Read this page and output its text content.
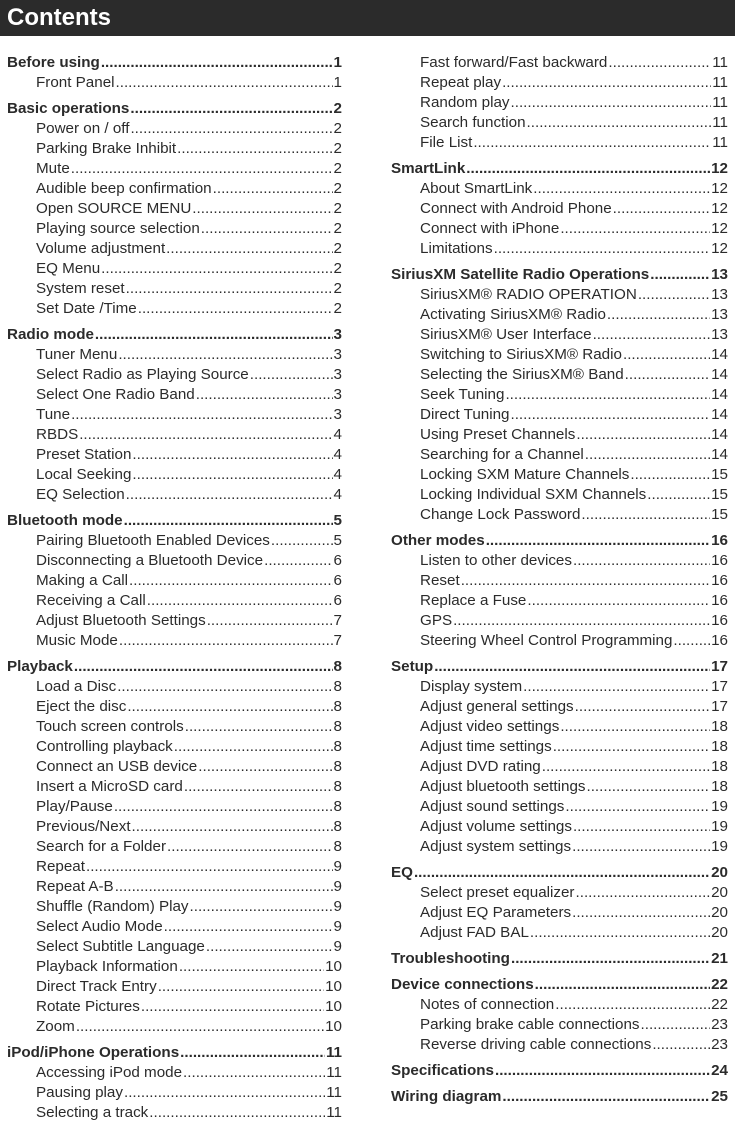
Contents
Before using .....	1
Front Panel .....	1
Basic operations .....	2
Power on / off .....	2
Parking Brake Inhibit .....	2
Mute .....	2
Audible beep confirmation .....	2
Open SOURCE MENU .....	2
Playing source selection .....	2
Volume adjustment .....	2
EQ Menu .....	2
System reset .....	2
Set Date /Time .....	2
Radio mode .....	3
Tuner Menu .....	3
Select Radio as Playing Source .....	3
Select One Radio Band .....	3
Tune .....	3
RBDS .....	4
Preset Station .....	4
Local Seeking .....	4
EQ Selection .....	4
Bluetooth mode .....	5
Pairing Bluetooth Enabled Devices .....	5
Disconnecting a Bluetooth Device .....	6
Making a Call .....	6
Receiving a Call .....	6
Adjust Bluetooth Settings .....	7
Music Mode .....	7
Playback .....	8
Load a Disc .....	8
Eject the disc .....	8
Touch screen controls .....	8
Controlling playback .....	8
Connect an USB device .....	8
Insert a MicroSD card .....	8
Play/Pause .....	8
Previous/Next .....	8
Search for a Folder .....	8
Repeat .....	9
Repeat A-B .....	9
Shuffle (Random) Play .....	9
Select Audio Mode .....	9
Select Subtitle Language .....	9
Playback Information .....	10
Direct Track Entry .....	10
Rotate Pictures .....	10
Zoom .....	10
iPod/iPhone Operations .....	11
Accessing iPod mode .....	11
Pausing play .....	11
Selecting a track .....	11
Fast forward/Fast backward .....	11
Repeat play .....	11
Random play .....	11
Search function .....	11
File List .....	11
SmartLink .....	12
About SmartLink .....	12
Connect with Android Phone .....	12
Connect with iPhone .....	12
Limitations .....	12
SiriusXM Satellite Radio Operations .....	13
SiriusXM® RADIO OPERATION .....	13
Activating SiriusXM® Radio .....	13
SiriusXM® User Interface .....	13
Switching to SiriusXM® Radio .....	14
Selecting the SiriusXM® Band .....	14
Seek Tuning .....	14
Direct Tuning .....	14
Using Preset Channels .....	14
Searching for a Channel .....	14
Locking SXM Mature Channels .....	15
Locking Individual SXM Channels .....	15
Change Lock Password .....	15
Other modes .....	16
Listen to other devices .....	16
Reset .....	16
Replace a Fuse .....	16
GPS .....	16
Steering Wheel Control Programming .....	16
Setup .....	17
Display system .....	17
Adjust general settings .....	17
Adjust video settings .....	18
Adjust time settings .....	18
Adjust DVD rating .....	18
Adjust bluetooth settings .....	18
Adjust sound settings .....	19
Adjust volume settings .....	19
Adjust system settings .....	19
EQ .....	20
Select preset equalizer .....	20
Adjust EQ Parameters .....	20
Adjust FAD BAL .....	20
Troubleshooting .....	21
Device connections .....	22
Notes of connection .....	22
Parking brake cable connections .....	23
Reverse driving cable connections .....	23
Specifications .....	24
Wiring diagram .....	25
